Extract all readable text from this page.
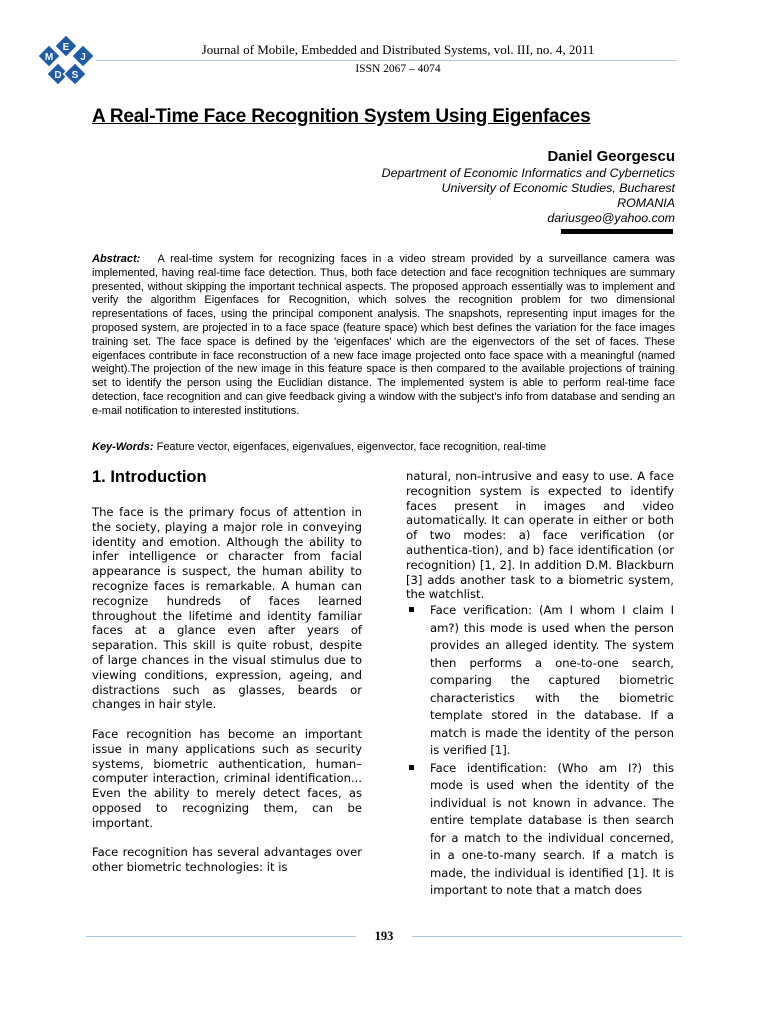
M
E
J
D S
Journal of Mobile, Embedded and Distributed Systems, vol. III, no. 4, 2011
ISSN 2067 – 4074
A Real-Time Face Recognition System Using Eigenfaces
Daniel Georgescu
Department of Economic Informatics and Cybernetics
University of Economic Studies, Bucharest
ROMANIA
dariusgeo@yahoo.com
Abstract: A real-time system for recognizing faces in a video stream provided by a surveillance camera was implemented, having real-time face detection. Thus, both face detection and face recognition techniques are summary presented, without skipping the important technical aspects. The proposed approach essentially was to implement and verify the algorithm Eigenfaces for Recognition, which solves the recognition problem for two dimensional representations of faces, using the principal component analysis. The snapshots, representing input images for the proposed system, are projected in to a face space (feature space) which best defines the variation for the face images training set. The face space is defined by the 'eigenfaces' which are the eigenvectors of the set of faces. These eigenfaces contribute in face reconstruction of a new face image projected onto face space with a meaningful (named weight).The projection of the new image in this feature space is then compared to the available projections of training set to identify the person using the Euclidian distance. The implemented system is able to perform real-time face detection, face recognition and can give feedback giving a window with the subject's info from database and sending an e-mail notification to interested institutions.
Key-Words: Feature vector, eigenfaces, eigenvalues, eigenvector, face recognition, real-time
1. Introduction

The face is the primary focus of attention in the society, playing a major role in conveying identity and emotion. Although the ability to infer intelligence or character from facial appearance is suspect, the human ability to recognize faces is remarkable. A human can recognize hundreds of faces learned throughout the lifetime and identity familiar faces at a glance even after years of separation. This skill is quite robust, despite of large chances in the visual stimulus due to viewing conditions, expression, ageing, and distractions such as glasses, beards or changes in hair style.

Face recognition has become an important issue in many applications such as security systems, biometric authentication, human–computer interaction, criminal identification... Even the ability to merely detect faces, as opposed to recognizing them, can be important.

Face recognition has several advantages over other biometric technologies: it is

natural, non-intrusive and easy to use. A face recognition system is expected to identify faces present in images and video automatically. It can operate in either or both of two modes: a) face verification (or authentica-tion), and b) face identification (or recognition) [1, 2]. In addition D.M. Blackburn [3] adds another task to a biometric system, the watchlist.

Face verification: (Am I whom I claim I am?) this mode is used when the person provides an alleged identity. The system then performs a one-to-one search, comparing the captured biometric characteristics with the biometric template stored in the database. If a match is made the identity of the person is verified [1].
Face identification: (Who am I?) this mode is used when the identity of the individual is not known in advance. The entire template database is then search for a match to the individual concerned, in a one-to-many search. If a match is made, the individual is identified [1]. It is important to note that a match does
193
